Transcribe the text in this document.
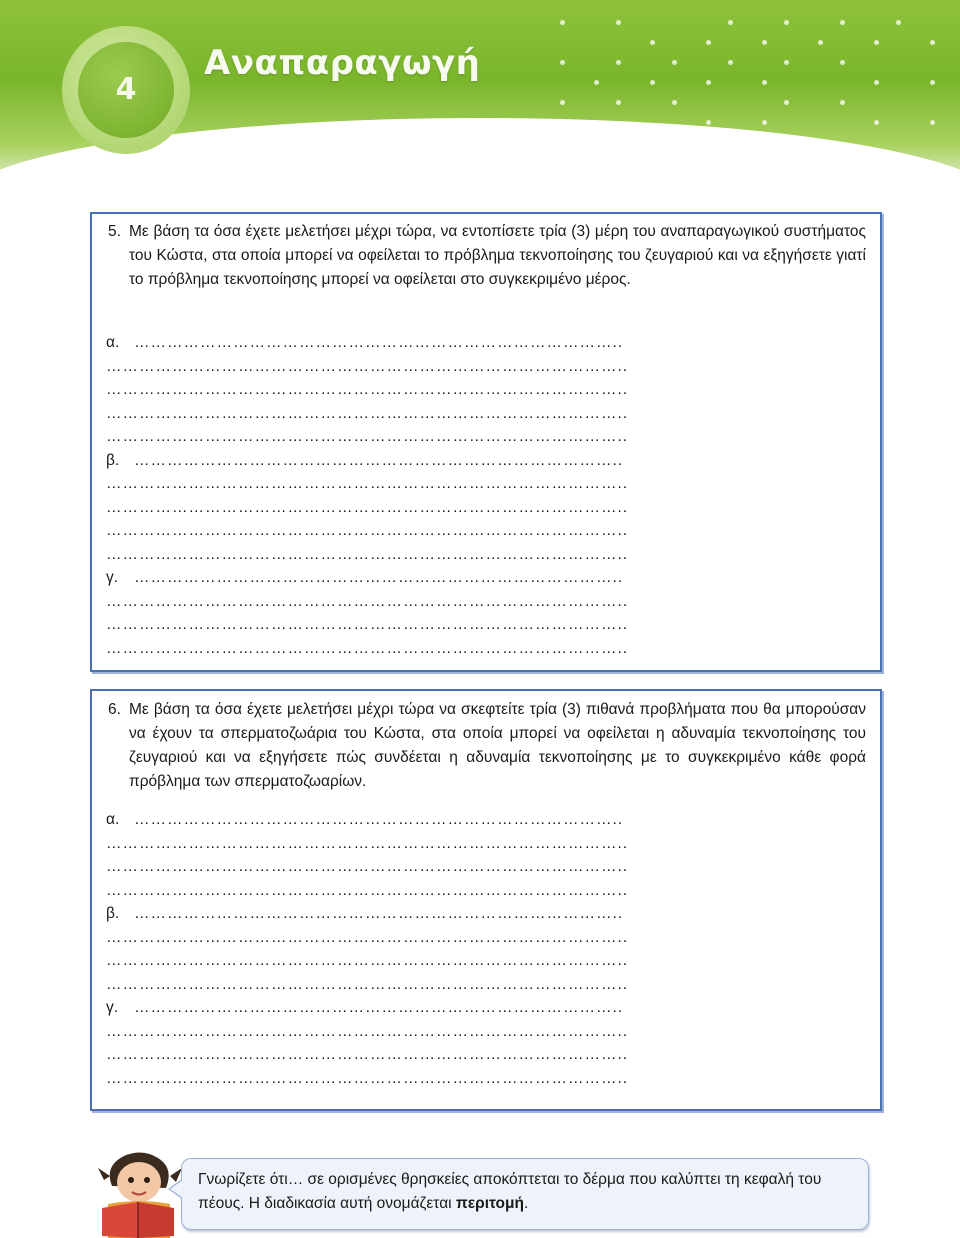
4
Αναπαραγωγή

5. Με βάση τα όσα έχετε μελετήσει μέχρι τώρα, να εντοπίσετε τρία (3) μέρη του αναπαραγωγικού συστήματος του Κώστα, στα οποία μπορεί να οφείλεται το πρόβλημα τεκνοποίησης του ζευγαριού και να εξηγήσετε γιατί το πρόβλημα τεκνοποίησης μπορεί να οφείλεται στο συγκεκριμένο μέρος.

α. ……………………………………………………………………………..
…………………………………………………………………………………..
…………………………………………………………………………………..
…………………………………………………………………………………..
…………………………………………………………………………………..
β. ……………………………………………………………………………..
…………………………………………………………………………………..
…………………………………………………………………………………..
…………………………………………………………………………………..
…………………………………………………………………………………..
γ. ……………………………………………………………………………..
…………………………………………………………………………………..
…………………………………………………………………………………..
…………………………………………………………………………………..

6. Με βάση τα όσα έχετε μελετήσει μέχρι τώρα να σκεφτείτε τρία (3) πιθανά προβλήματα που θα μπορούσαν να έχουν τα σπερματοζωάρια του Κώστα, στα οποία μπορεί να οφείλεται η αδυναμία τεκνοποίησης του ζευγαριού και να εξηγήσετε πώς συνδέεται η αδυναμία τεκνοποίησης με το συγκεκριμένο κάθε φορά πρόβλημα των σπερματοζωαρίων.

α. ……………………………………………………………………………..
…………………………………………………………………………………..
…………………………………………………………………………………..
…………………………………………………………………………………..
β. ……………………………………………………………………………..
…………………………………………………………………………………..
…………………………………………………………………………………..
…………………………………………………………………………………..
γ. ……………………………………………………………………………..
…………………………………………………………………………………..
…………………………………………………………………………………..
…………………………………………………………………………………..

Γνωρίζετε ότι… σε ορισμένες θρησκείες αποκόπτεται το δέρμα που καλύπτει τη κεφαλή του πέους. Η διαδικασία αυτή ονομάζεται περιτομή.
